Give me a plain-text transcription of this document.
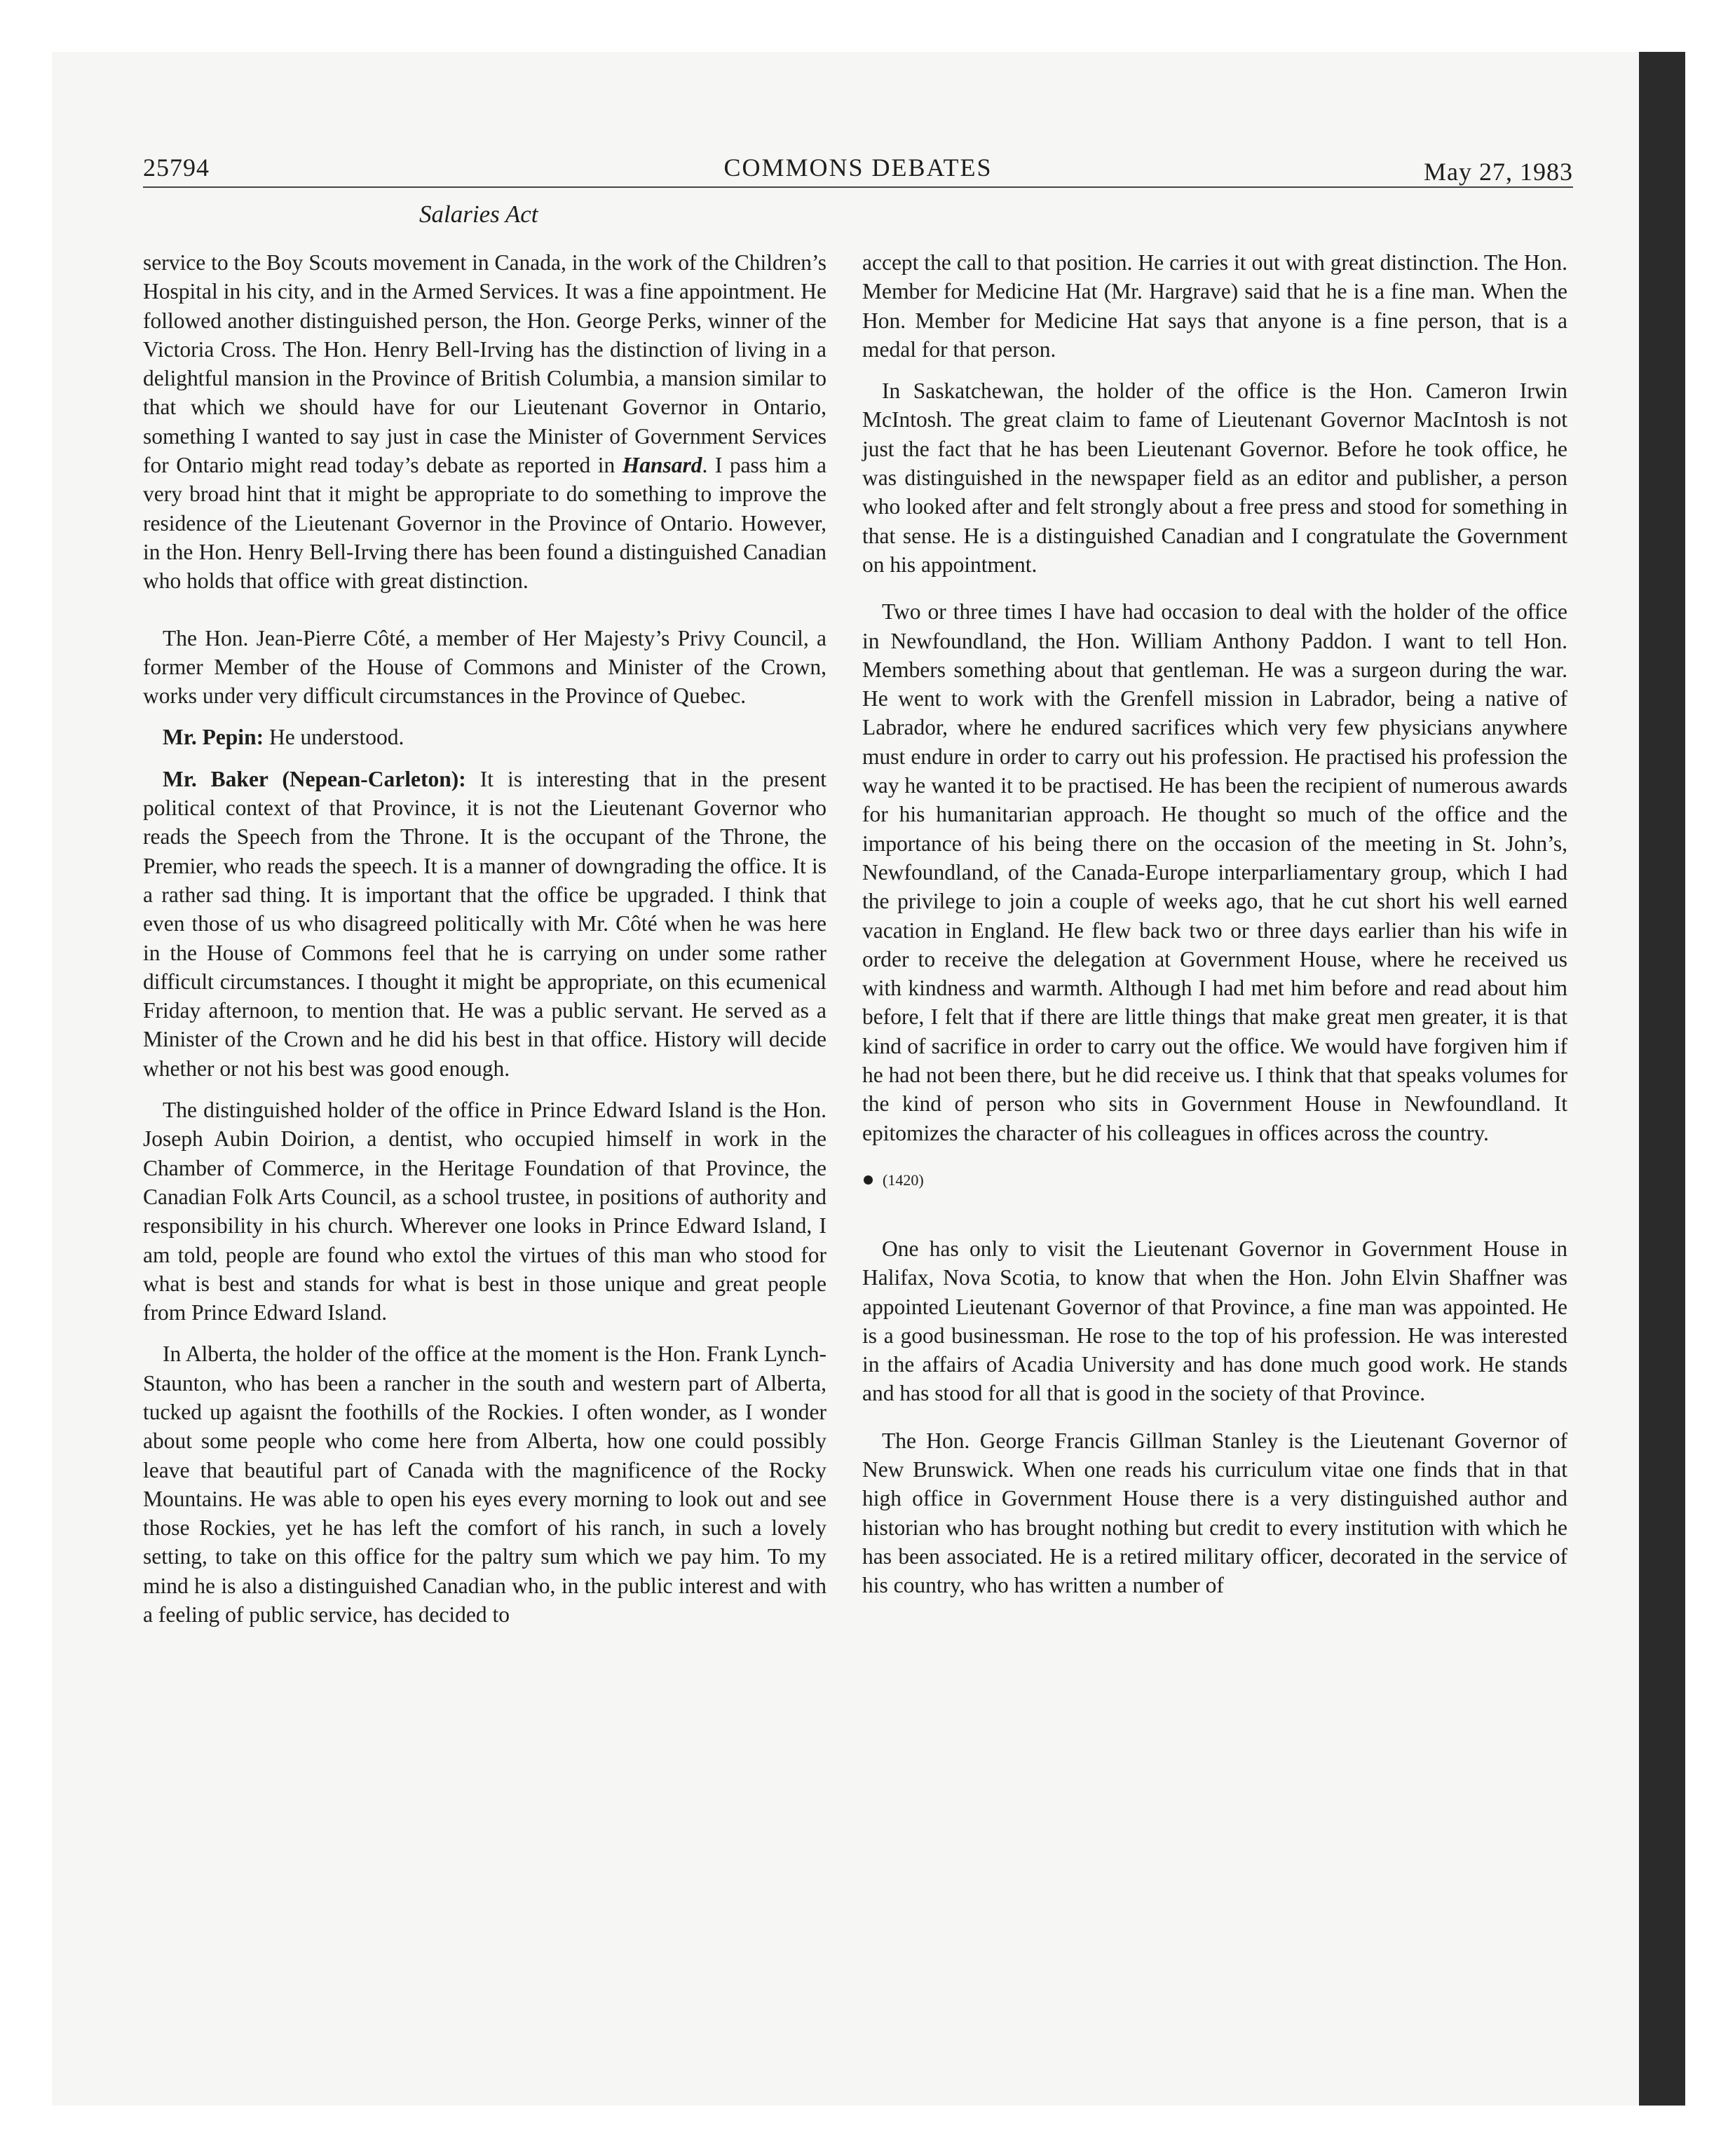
25794	COMMONS DEBATES	May 27, 1983
Salaries Act

service to the Boy Scouts movement in Canada, in the work of the Children’s Hospital in his city, and in the Armed Services. It was a fine appointment. He followed another distinguished person, the Hon. George Perks, winner of the Victoria Cross. The Hon. Henry Bell-Irving has the distinction of living in a delightful mansion in the Province of British Columbia, a mansion similar to that which we should have for our Lieutenant Governor in Ontario, something I wanted to say just in case the Minister of Government Services for Ontario might read today’s debate as reported in Hansard. I pass him a very broad hint that it might be appropriate to do something to improve the residence of the Lieutenant Governor in the Province of Ontario. However, in the Hon. Henry Bell-Irving there has been found a distinguished Canadian who holds that office with great distinction.

The Hon. Jean-Pierre Côté, a member of Her Majesty’s Privy Council, a former Member of the House of Commons and Minister of the Crown, works under very difficult circumstances in the Province of Quebec.

Mr. Pepin: He understood.

Mr. Baker (Nepean-Carleton): It is interesting that in the present political context of that Province, it is not the Lieutenant Governor who reads the Speech from the Throne. It is the occupant of the Throne, the Premier, who reads the speech. It is a manner of downgrading the office. It is a rather sad thing. It is important that the office be upgraded. I think that even those of us who disagreed politically with Mr. Côté when he was here in the House of Commons feel that he is carrying on under some rather difficult circumstances. I thought it might be appropriate, on this ecumenical Friday afternoon, to mention that. He was a public servant. He served as a Minister of the Crown and he did his best in that office. History will decide whether or not his best was good enough.

The distinguished holder of the office in Prince Edward Island is the Hon. Joseph Aubin Doirion, a dentist, who occupied himself in work in the Chamber of Commerce, in the Heritage Foundation of that Province, the Canadian Folk Arts Council, as a school trustee, in positions of authority and responsibility in his church. Wherever one looks in Prince Edward Island, I am told, people are found who extol the virtues of this man who stood for what is best and stands for what is best in those unique and great people from Prince Edward Island.

In Alberta, the holder of the office at the moment is the Hon. Frank Lynch-Staunton, who has been a rancher in the south and western part of Alberta, tucked up agaisnt the foothills of the Rockies. I often wonder, as I wonder about some people who come here from Alberta, how one could possibly leave that beautiful part of Canada with the magnificence of the Rocky Mountains. He was able to open his eyes every morning to look out and see those Rockies, yet he has left the comfort of his ranch, in such a lovely setting, to take on this office for the paltry sum which we pay him. To my mind he is also a distinguished Canadian who, in the public interest and with a feeling of public service, has decided to

accept the call to that position. He carries it out with great distinction. The Hon. Member for Medicine Hat (Mr. Hargrave) said that he is a fine man. When the Hon. Member for Medicine Hat says that anyone is a fine person, that is a medal for that person.

In Saskatchewan, the holder of the office is the Hon. Cameron Irwin McIntosh. The great claim to fame of Lieutenant Governor MacIntosh is not just the fact that he has been Lieutenant Governor. Before he took office, he was distinguished in the newspaper field as an editor and publisher, a person who looked after and felt strongly about a free press and stood for something in that sense. He is a distinguished Canadian and I congratulate the Government on his appointment.

Two or three times I have had occasion to deal with the holder of the office in Newfoundland, the Hon. William Anthony Paddon. I want to tell Hon. Members something about that gentleman. He was a surgeon during the war. He went to work with the Grenfell mission in Labrador, being a native of Labrador, where he endured sacrifices which very few physicians anywhere must endure in order to carry out his profession. He practised his profession the way he wanted it to be practised. He has been the recipient of numerous awards for his humanitarian approach. He thought so much of the office and the importance of his being there on the occasion of the meeting in St. John’s, Newfoundland, of the Canada-Europe interparliamentary group, which I had the privilege to join a couple of weeks ago, that he cut short his well earned vacation in England. He flew back two or three days earlier than his wife in order to receive the delegation at Government House, where he received us with kindness and warmth. Although I had met him before and read about him before, I felt that if there are little things that make great men greater, it is that kind of sacrifice in order to carry out the office. We would have forgiven him if he had not been there, but he did receive us. I think that that speaks volumes for the kind of person who sits in Government House in Newfoundland. It epitomizes the character of his colleagues in offices across the country.

(1420)

One has only to visit the Lieutenant Governor in Government House in Halifax, Nova Scotia, to know that when the Hon. John Elvin Shaffner was appointed Lieutenant Governor of that Province, a fine man was appointed. He is a good businessman. He rose to the top of his profession. He was interested in the affairs of Acadia University and has done much good work. He stands and has stood for all that is good in the society of that Province.

The Hon. George Francis Gillman Stanley is the Lieutenant Governor of New Brunswick. When one reads his curriculum vitae one finds that in that high office in Government House there is a very distinguished author and historian who has brought nothing but credit to every institution with which he has been associated. He is a retired military officer, decorated in the service of his country, who has written a number of
